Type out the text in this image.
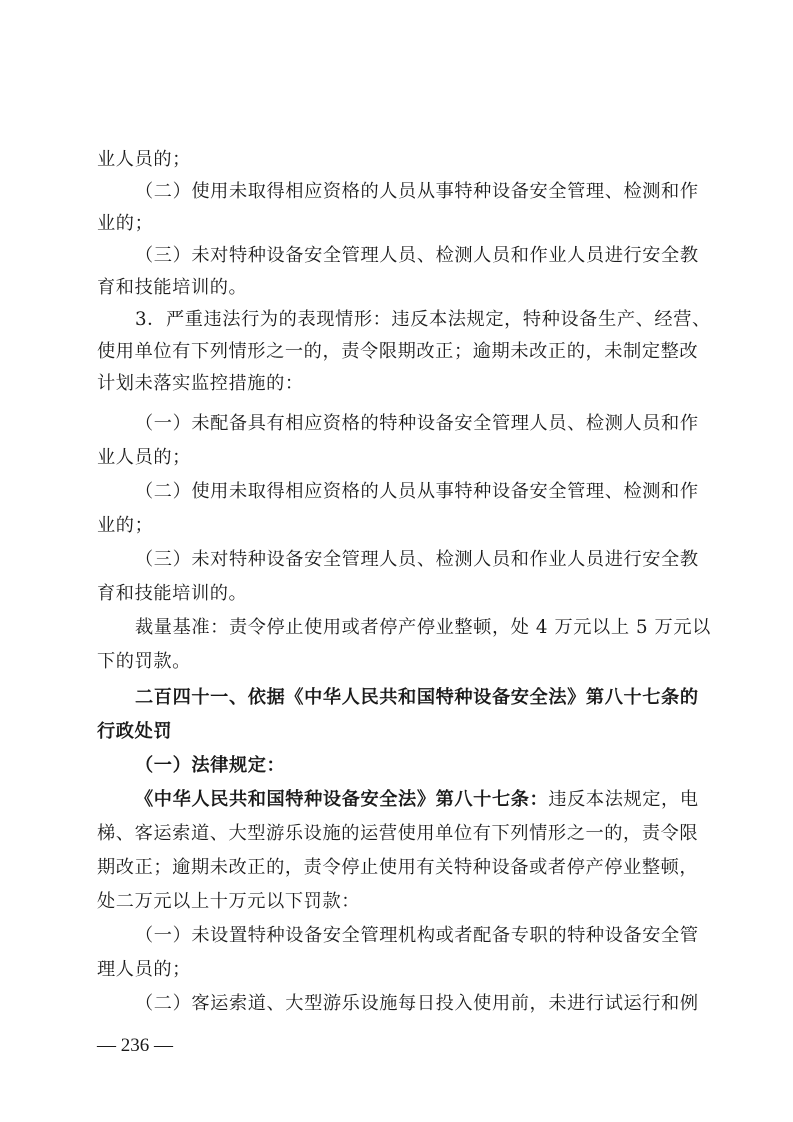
业人员的；
（二）使用未取得相应资格的人员从事特种设备安全管理、检测和作
业的；
（三）未对特种设备安全管理人员、检测人员和作业人员进行安全教
育和技能培训的。
3．严重违法行为的表现情形：违反本法规定，特种设备生产、经营、
使用单位有下列情形之一的，责令限期改正；逾期未改正的，未制定整改
计划未落实监控措施的：
（一）未配备具有相应资格的特种设备安全管理人员、检测人员和作
业人员的；
（二）使用未取得相应资格的人员从事特种设备安全管理、检测和作
业的；
（三）未对特种设备安全管理人员、检测人员和作业人员进行安全教
育和技能培训的。
裁量基准：责令停止使用或者停产停业整顿，处 4 万元以上 5 万元以
下的罚款。
二百四十一、依据《中华人民共和国特种设备安全法》第八十七条的
行政处罚
（一）法律规定：
《中华人民共和国特种设备安全法》第八十七条：违反本法规定，电
梯、客运索道、大型游乐设施的运营使用单位有下列情形之一的，责令限
期改正；逾期未改正的，责令停止使用有关特种设备或者停产停业整顿，
处二万元以上十万元以下罚款：
（一）未设置特种设备安全管理机构或者配备专职的特种设备安全管
理人员的；
（二）客运索道、大型游乐设施每日投入使用前，未进行试运行和例
— 236 —
